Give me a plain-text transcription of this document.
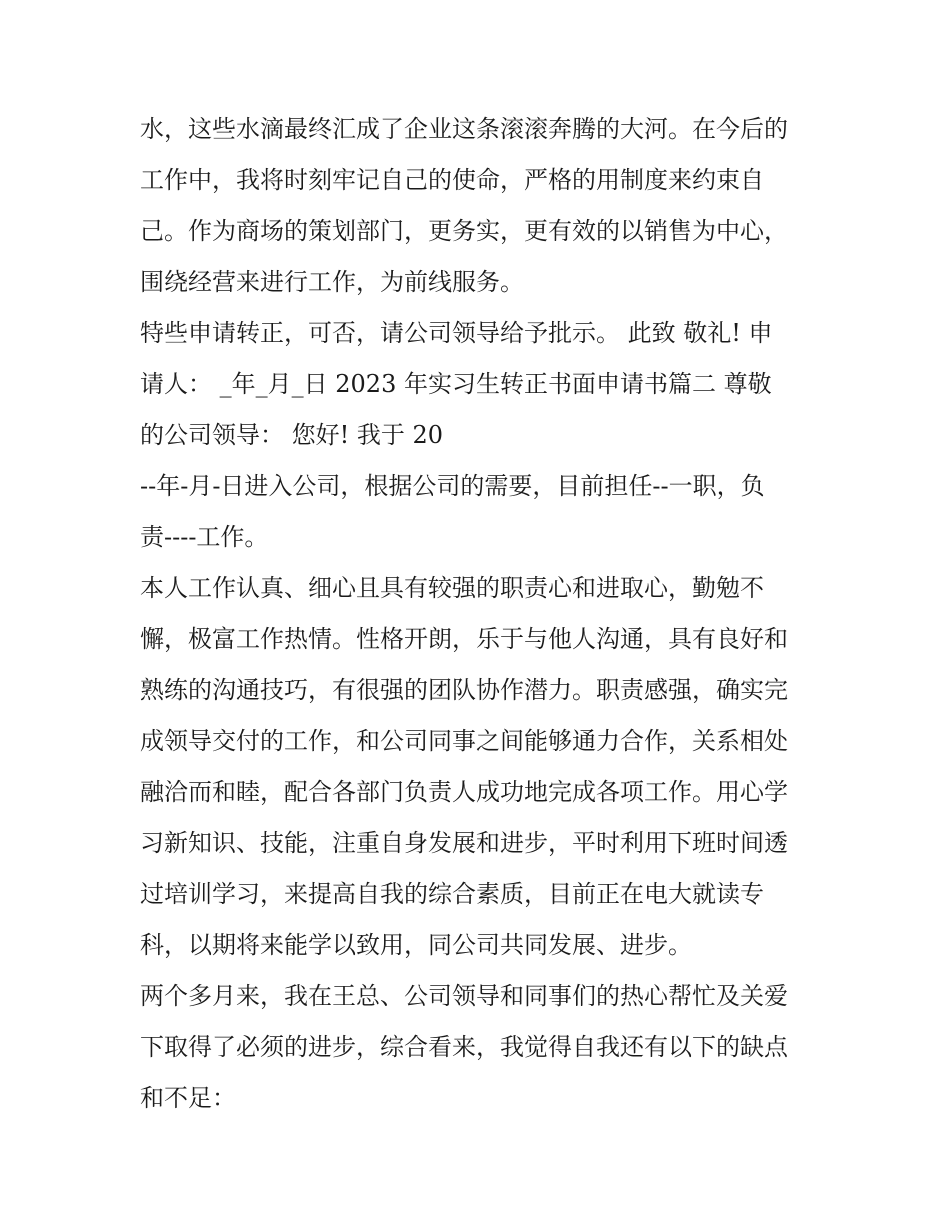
水，这些水滴最终汇成了企业这条滚滚奔腾的大河。在今后的
工作中，我将时刻牢记自己的使命，严格的用制度来约束自
己。作为商场的策划部门，更务实，更有效的以销售为中心，
围绕经营来进行工作，为前线服务。
特些申请转正，可否，请公司领导给予批示。 此致 敬礼! 申
请人： _年_月_日 2023 年实习生转正书面申请书篇二 尊敬
的公司领导： 您好! 我于 20
--年-月-日进入公司，根据公司的需要，目前担任--一职，负
责----工作。
本人工作认真、细心且具有较强的职责心和进取心，勤勉不
懈，极富工作热情。性格开朗，乐于与他人沟通，具有良好和
熟练的沟通技巧，有很强的团队协作潜力。职责感强，确实完
成领导交付的工作，和公司同事之间能够通力合作，关系相处
融洽而和睦，配合各部门负责人成功地完成各项工作。用心学
习新知识、技能，注重自身发展和进步，平时利用下班时间透
过培训学习，来提高自我的综合素质，目前正在电大就读专
科，以期将来能学以致用，同公司共同发展、进步。
两个多月来，我在王总、公司领导和同事们的热心帮忙及关爱
下取得了必须的进步，综合看来，我觉得自我还有以下的缺点
和不足：
